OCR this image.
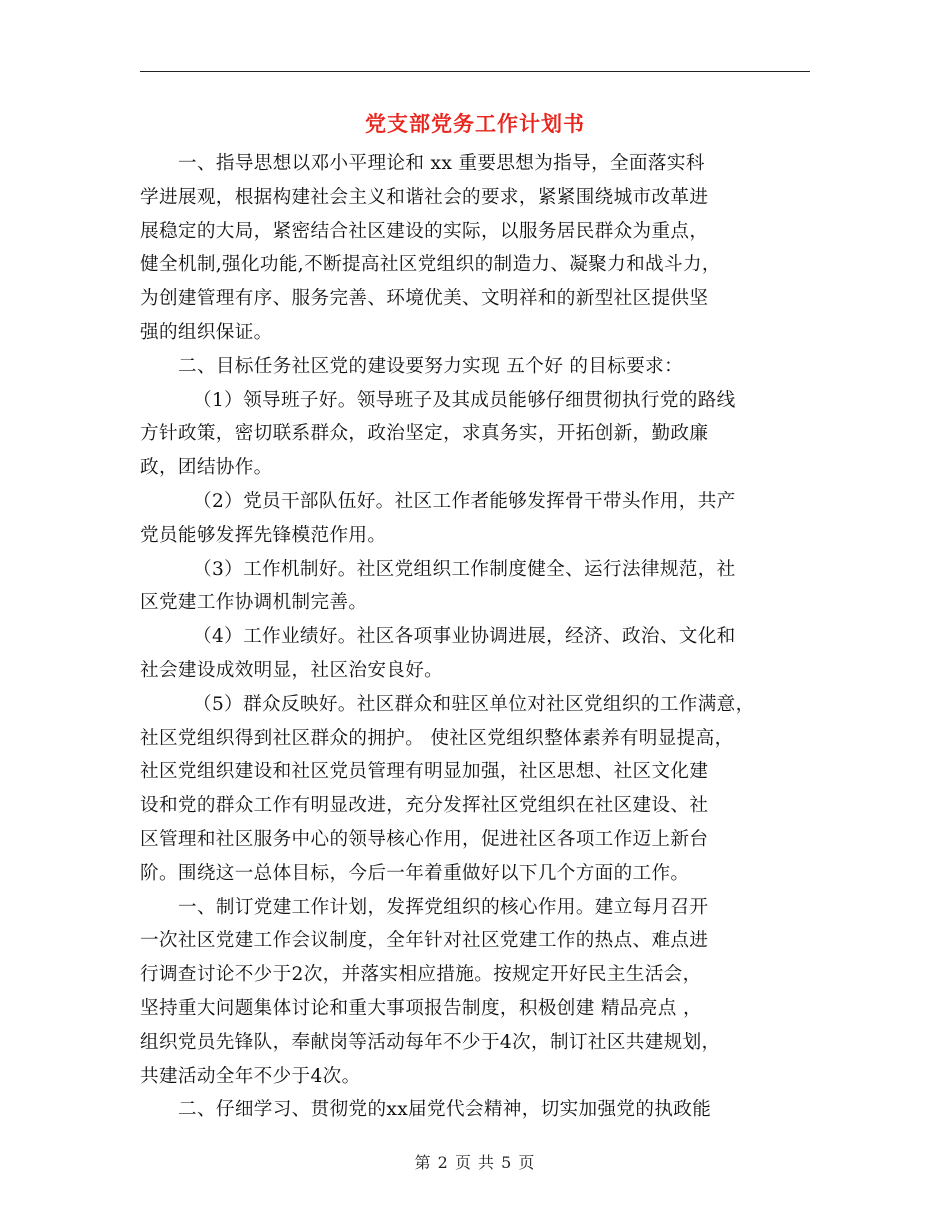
党支部党务工作计划书
一、指导思想以邓小平理论和 xx 重要思想为指导，全面落实科
学进展观，根据构建社会主义和谐社会的要求，紧紧围绕城市改革进
展稳定的大局，紧密结合社区建设的实际，以服务居民群众为重点，
健全机制,强化功能,不断提高社区党组织的制造力、凝聚力和战斗力，
为创建管理有序、服务完善、环境优美、文明祥和的新型社区提供坚
强的组织保证。
二、目标任务社区党的建设要努力实现 五个好 的目标要求：
（1）领导班子好。领导班子及其成员能够仔细贯彻执行党的路线
方针政策，密切联系群众，政治坚定，求真务实，开拓创新，勤政廉
政，团结协作。
（2）党员干部队伍好。社区工作者能够发挥骨干带头作用，共产
党员能够发挥先锋模范作用。
（3）工作机制好。社区党组织工作制度健全、运行法律规范，社
区党建工作协调机制完善。
（4）工作业绩好。社区各项事业协调进展，经济、政治、文化和
社会建设成效明显，社区治安良好。
（5）群众反映好。社区群众和驻区单位对社区党组织的工作满意，
社区党组织得到社区群众的拥护。 使社区党组织整体素养有明显提高，
社区党组织建设和社区党员管理有明显加强，社区思想、社区文化建
设和党的群众工作有明显改进，充分发挥社区党组织在社区建设、社
区管理和社区服务中心的领导核心作用，促进社区各项工作迈上新台
阶。围绕这一总体目标，今后一年着重做好以下几个方面的工作。
一、制订党建工作计划，发挥党组织的核心作用。建立每月召开
一次社区党建工作会议制度，全年针对社区党建工作的热点、难点进
行调查讨论不少于2次，并落实相应措施。按规定开好民主生活会，
坚持重大问题集体讨论和重大事项报告制度，积极创建 精品亮点 ，
组织党员先锋队，奉献岗等活动每年不少于4次，制订社区共建规划，
共建活动全年不少于4次。
二、仔细学习、贯彻党的xx届党代会精神，切实加强党的执政能
第 2 页 共 5 页
